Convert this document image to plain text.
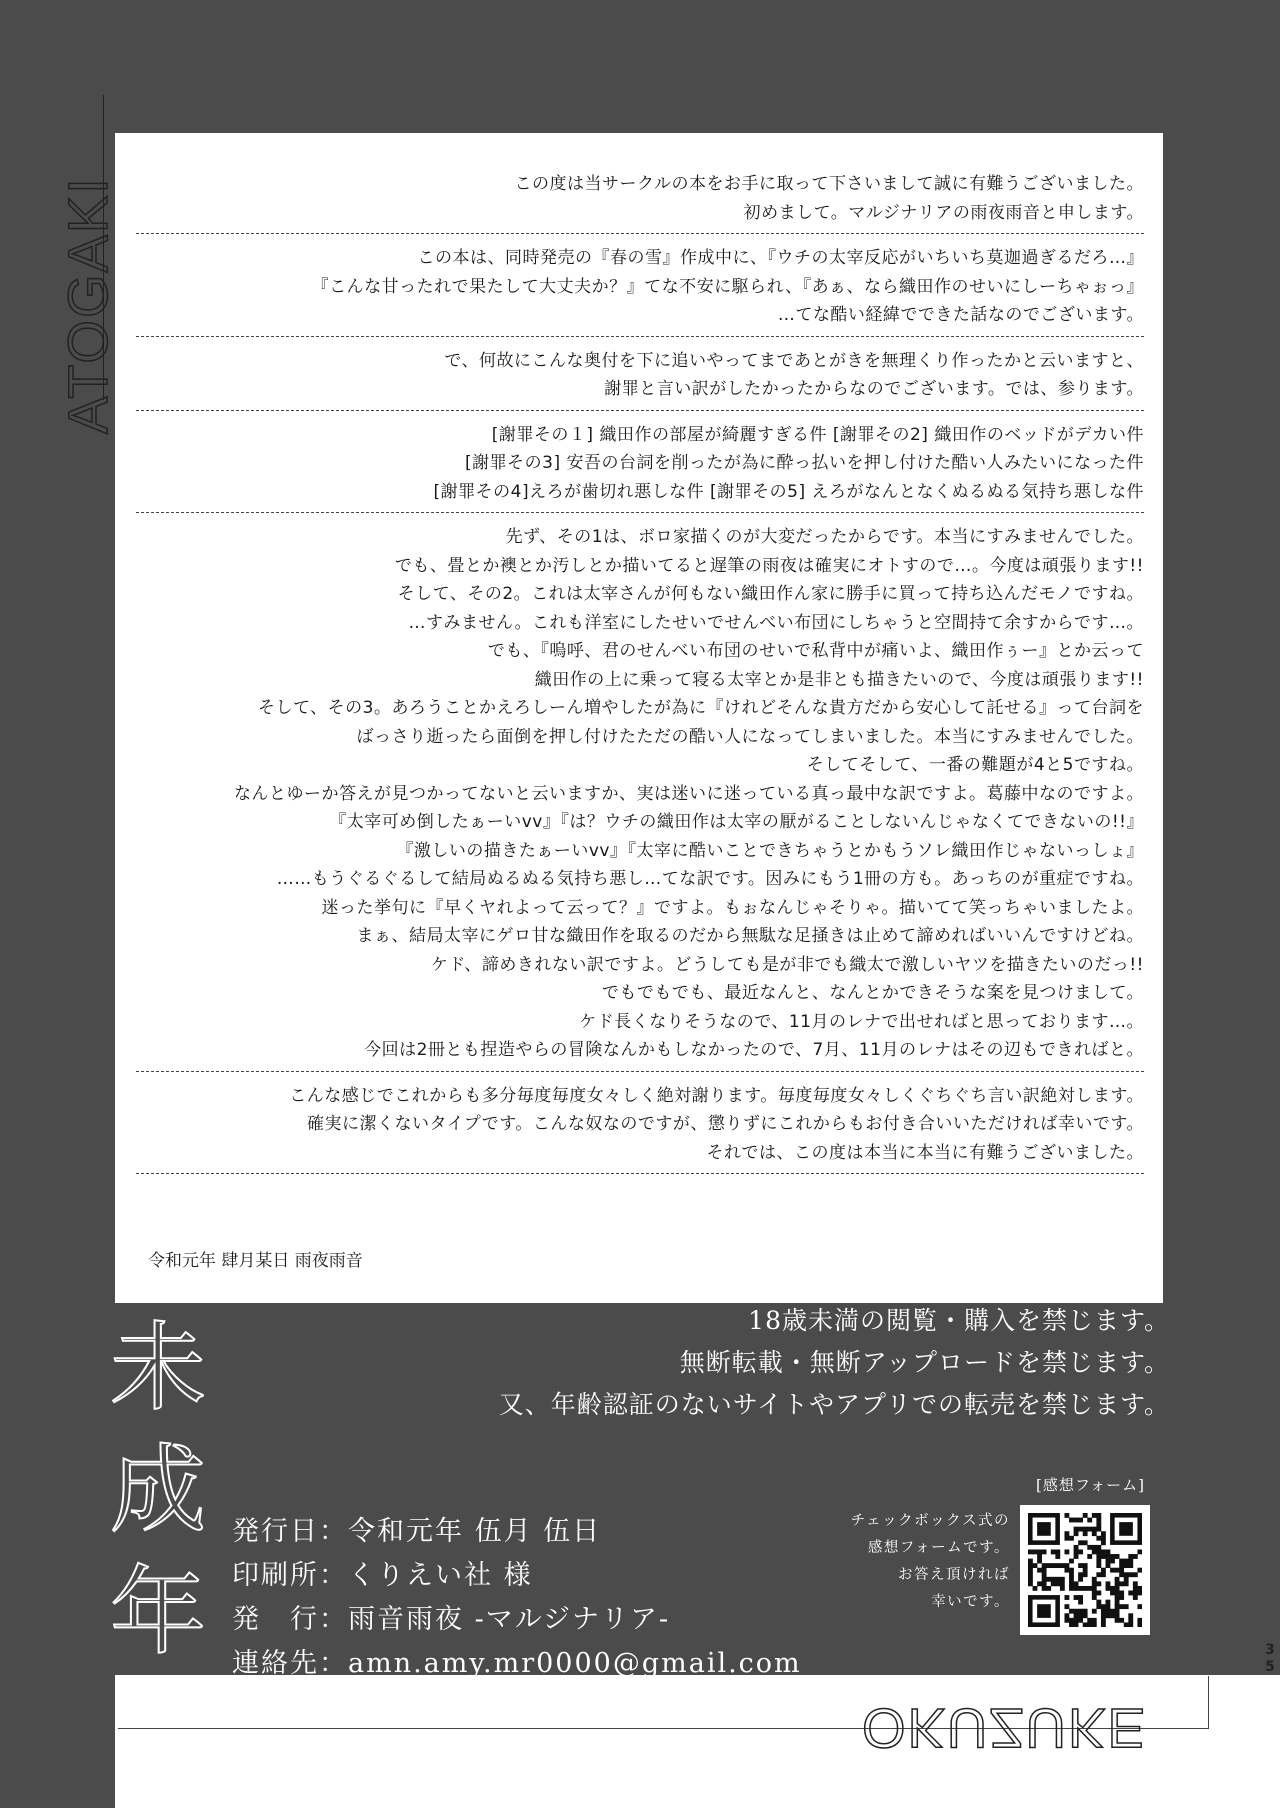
ATOGAKI	この度は当サークルの本をお手に取って下さいまして誠に有難うございました。

初めまして。マルジナリアの雨夜雨音と申します。

この本は、同時発売の『春の雪』作成中に、『ウチの太宰反応がいちいち莫迦過ぎるだろ…』

『こんな甘ったれで果たして大丈夫か？』てな不安に駆られ、『あぁ、なら織田作のせいにしーちゃぉっ』

…てな酷い経緯でできた話なのでございます。

で、何故にこんな奥付を下に追いやってまであとがきを無理くり作ったかと云いますと、

謝罪と言い訳がしたかったからなのでございます。では、参ります。

[謝罪その１] 織田作の部屋が綺麗すぎる件 [謝罪その2] 織田作のベッドがデカい件

[謝罪その3] 安吾の台詞を削ったが為に酔っ払いを押し付けた酷い人みたいになった件

[謝罪その4]えろが歯切れ悪しな件 [謝罪その5] えろがなんとなくぬるぬる気持ち悪しな件

先ず、その1は、ボロ家描くのが大変だったからです。本当にすみませんでした。

でも、畳とか襖とか汚しとか描いてると遅筆の雨夜は確実にオトすので…。今度は頑張ります!!

そして、その2。これは太宰さんが何もない織田作ん家に勝手に買って持ち込んだモノですね。

…すみません。これも洋室にしたせいでせんべい布団にしちゃうと空間持て余すからです…。

でも、『嗚呼、君のせんべい布団のせいで私背中が痛いよ、織田作ぅー』とか云って

織田作の上に乗って寝る太宰とか是非とも描きたいので、今度は頑張ります!!

そして、その3。あろうことかえろしーん増やしたが為に『けれどそんな貴方だから安心して託せる』って台詞を

ばっさり逝ったら面倒を押し付けたただの酷い人になってしまいました。本当にすみませんでした。

そしてそして、一番の難題が4と5ですね。

なんとゆーか答えが見つかってないと云いますか、実は迷いに迷っている真っ最中な訳ですよ。葛藤中なのですよ。

『太宰可め倒したぁーいvv』『は？ウチの織田作は太宰の厭がることしないんじゃなくてできないの!!』

『激しいの描きたぁーいvv』『太宰に酷いことできちゃうとかもうソレ織田作じゃないっしょ』

……もうぐるぐるして結局ぬるぬる気持ち悪し…てな訳です。因みにもう1冊の方も。あっちのが重症ですね。

迷った挙句に『早くヤれよって云って？』ですよ。もぉなんじゃそりゃ。描いてて笑っちゃいましたよ。

まぁ、結局太宰にゲロ甘な織田作を取るのだから無駄な足掻きは止めて諦めればいいんですけどね。

ケド、諦めきれない訳ですよ。どうしても是が非でも織太で激しいヤツを描きたいのだっ!!

でもでもでも、最近なんと、なんとかできそうな案を見つけまして。

ケド長くなりそうなので、11月のレナで出せればと思っております…。

今回は2冊とも捏造やらの冒険なんかもしなかったので、7月、11月のレナはその辺もできればと。

こんな感じでこれからも多分毎度毎度女々しく絶対謝ります。毎度毎度女々しくぐちぐち言い訳絶対します。

確実に潔くないタイプです。こんな奴なのですが、懲りずにこれからもお付き合いいただければ幸いです。

それでは、この度は本当に本当に有難うございました。

令和元年 肆月某日 雨夜雨音

18歳未満の閲覧・購入を禁じます。

無断転載・無断アップロードを禁じます。

又、年齢認証のないサイトやアプリでの転売を禁じます。

未
成
年

発行日：令和元年 伍月 伍日

印刷所：くりえい社 様

発　行：雨音雨夜 -マルジナリア-

連絡先：amn.amy.mr0000@gmail.com

[感想フォーム]

チェックボックス式の

感想フォームです。

お答え頂ければ

幸いです。

3
5
OKUZUKE
